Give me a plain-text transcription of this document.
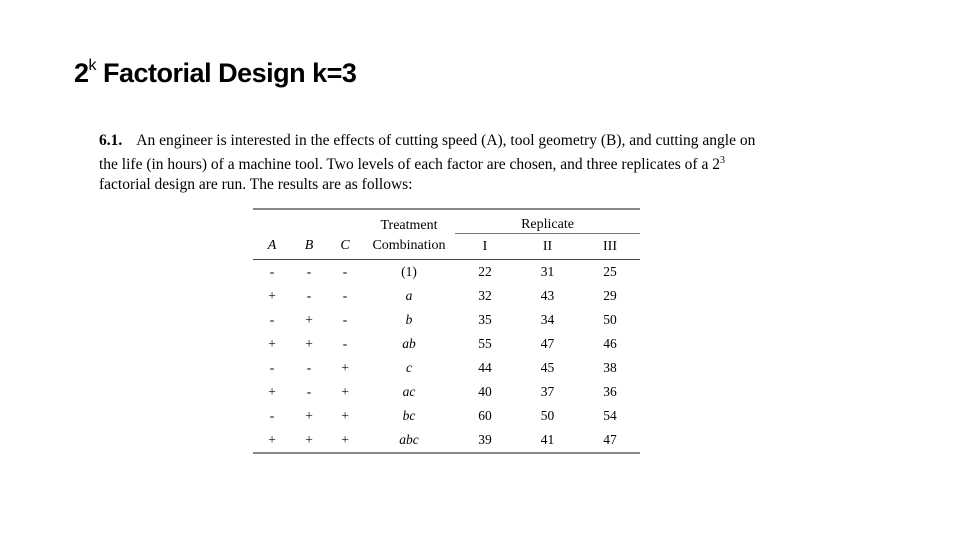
2$^k$ Factorial Design k=3
6.1. An engineer is interested in the effects of cutting speed (A), tool geometry (B), and cutting angle on
the life (in hours) of a machine tool. Two levels of each factor are chosen, and three replicates of a $2^3$
factorial design are run. The results are as follows:
			Treatment	Replicate		
A	B	C	Combination	I	II	III
-	-	-	(1)	22	31	25
+	-	-	a	32	43	29
-	+	-	b	35	34	50
+	+	-	ab	55	47	46
-	-	+	c	44	45	38
+	-	+	ac	40	37	36
-	+	+	bc	60	50	54
+	+	+	abc	39	41	47
